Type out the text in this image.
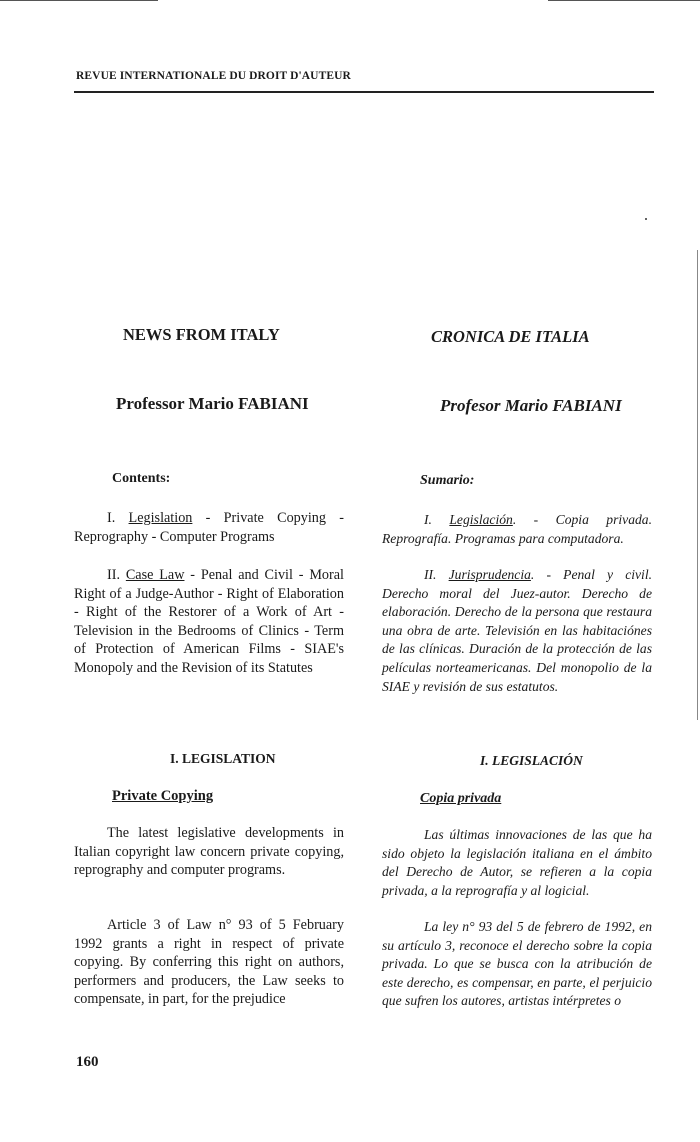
REVUE INTERNATIONALE DU DROIT D'AUTEUR
NEWS FROM ITALY	CRONICA DE ITALIA
Professor Mario FABIANI	Profesor Mario FABIANI
Contents:	Sumario:

I. Legislation - Private Copying - Reprography - Computer Programs

I. Legislación. - Copia privada. Reprografía. Programas para computadora.

II. Case Law - Penal and Civil - Moral Right of a Judge-Author - Right of Elaboration - Right of the Restorer of a Work of Art - Television in the Bedrooms of Clinics - Term of Protection of American Films - SIAE's Monopoly and the Revision of its Statutes

II. Jurisprudencia. - Penal y civil. Derecho moral del Juez-autor. Derecho de elaboración. Derecho de la persona que restaura una obra de arte. Televisión en las habitaciónes de las clínicas. Duración de la protección de las películas norteamericanas. Del monopolio de la SIAE y revisión de sus estatutos.

I. LEGISLATION	I. LEGISLACIÓN
Private Copying	Copia privada

The latest legislative developments in Italian copyright law concern private copying, reprography and computer programs.

Las últimas innovaciones de las que ha sido objeto la legislación italiana en el ámbito del Derecho de Autor, se refieren a la copia privada, a la reprografía y al logicial.

Article 3 of Law n° 93 of 5 February 1992 grants a right in respect of private copying. By conferring this right on authors, performers and producers, the Law seeks to compensate, in part, for the prejudice

La ley n° 93 del 5 de febrero de 1992, en su artículo 3, reconoce el derecho sobre la copia privada. Lo que se busca con la atribución de este derecho, es compensar, en parte, el perjuicio que sufren los autores, artistas intérpretes o

160
